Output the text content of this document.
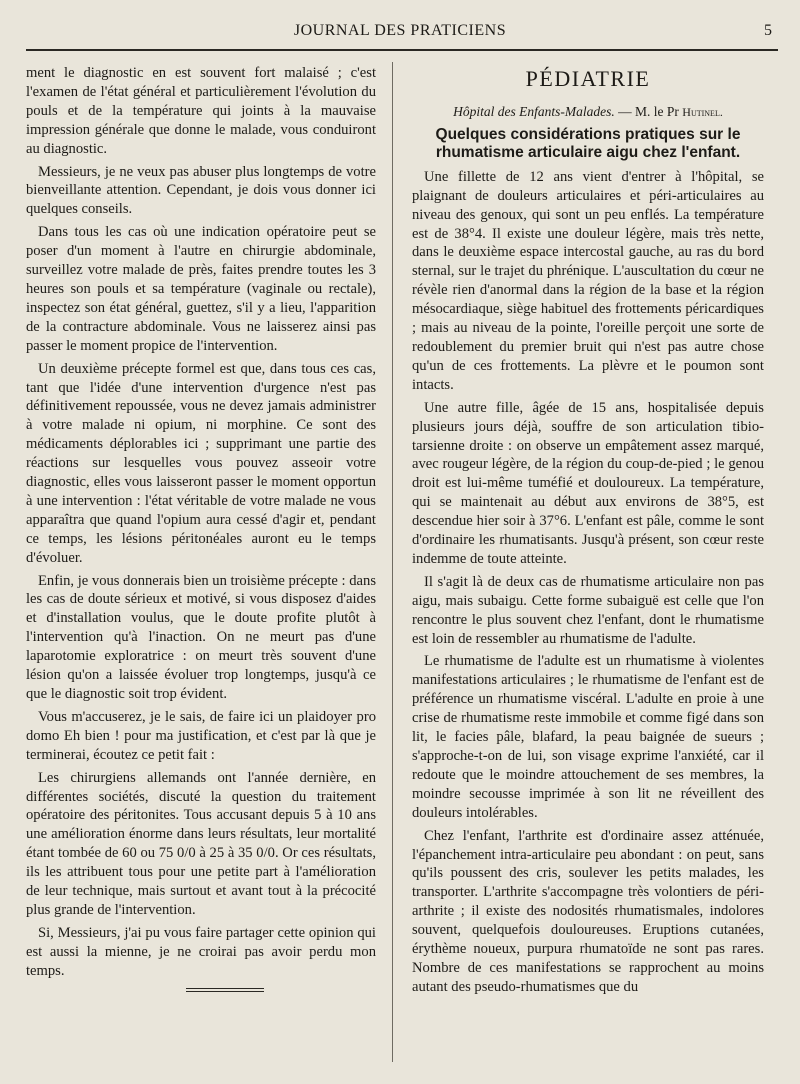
JOURNAL DES PRATICIENS	5

ment le diagnostic en est souvent fort malaisé ; c'est l'examen de l'état général et particulièrement l'évolution du pouls et de la température qui joints à la mauvaise impression générale que donne le malade, vous conduiront au diagnostic.

Messieurs, je ne veux pas abuser plus longtemps de votre bienveillante attention. Cependant, je dois vous donner ici quelques conseils.

Dans tous les cas où une indication opératoire peut se poser d'un moment à l'autre en chirurgie abdominale, surveillez votre malade de près, faites prendre toutes les 3 heures son pouls et sa température (vaginale ou rectale), inspectez son état général, guettez, s'il y a lieu, l'apparition de la contracture abdominale. Vous ne laisserez ainsi pas passer le moment propice de l'intervention.

Un deuxième précepte formel est que, dans tous ces cas, tant que l'idée d'une intervention d'urgence n'est pas définitivement repoussée, vous ne devez jamais administrer à votre malade ni opium, ni morphine. Ce sont des médicaments déplorables ici ; supprimant une partie des réactions sur lesquelles vous pouvez asseoir votre diagnostic, elles vous laisseront passer le moment opportun à une intervention : l'état véritable de votre malade ne vous apparaîtra que quand l'opium aura cessé d'agir et, pendant ce temps, les lésions péritonéales auront eu le temps d'évoluer.

Enfin, je vous donnerais bien un troisième précepte : dans les cas de doute sérieux et motivé, si vous disposez d'aides et d'installation voulus, que le doute profite plutôt à l'intervention qu'à l'inaction. On ne meurt pas d'une laparotomie exploratrice : on meurt très souvent d'une lésion qu'on a laissée évoluer trop longtemps, jusqu'à ce que le diagnostic soit trop évident.

Vous m'accuserez, je le sais, de faire ici un plaidoyer pro domo Eh bien ! pour ma justification, et c'est par là que je terminerai, écoutez ce petit fait :

Les chirurgiens allemands ont l'année dernière, en différentes sociétés, discuté la question du traitement opératoire des péritonites. Tous accusant depuis 5 à 10 ans une amélioration énorme dans leurs résultats, leur mortalité étant tombée de 60 ou 75 0/0 à 25 à 35 0/0. Or ces résultats, ils les attribuent tous pour une petite part à l'amélioration de leur technique, mais surtout et avant tout à la précocité plus grande de l'intervention.

Si, Messieurs, j'ai pu vous faire partager cette opinion qui est aussi la mienne, je ne croirai pas avoir perdu mon temps.

PÉDIATRIE
Hôpital des Enfants-Malades. — M. le Pr Hutinel.
Quelques considérations pratiques sur le rhumatisme articulaire aigu chez l'enfant.

Une fillette de 12 ans vient d'entrer à l'hôpital, se plaignant de douleurs articulaires et péri-articulaires au niveau des genoux, qui sont un peu enflés. La température est de 38°4. Il existe une douleur légère, mais très nette, dans le deuxième espace intercostal gauche, au ras du bord sternal, sur le trajet du phrénique. L'auscultation du cœur ne révèle rien d'anormal dans la région de la base et la région mésocardiaque, siège habituel des frottements péricardiques ; mais au niveau de la pointe, l'oreille perçoit une sorte de redoublement du premier bruit qui n'est pas autre chose qu'un de ces frottements. La plèvre et le poumon sont intacts.

Une autre fille, âgée de 15 ans, hospitalisée depuis plusieurs jours déjà, souffre de son articulation tibio-tarsienne droite : on observe un empâtement assez marqué, avec rougeur légère, de la région du coup-de-pied ; le genou droit est lui-même tuméfié et douloureux. La température, qui se maintenait au début aux environs de 38°5, est descendue hier soir à 37°6. L'enfant est pâle, comme le sont d'ordinaire les rhumatisants. Jusqu'à présent, son cœur reste indemme de toute atteinte.

Il s'agit là de deux cas de rhumatisme articulaire non pas aigu, mais subaigu. Cette forme subaiguë est celle que l'on rencontre le plus souvent chez l'enfant, dont le rhumatisme est loin de ressembler au rhumatisme de l'adulte.

Le rhumatisme de l'adulte est un rhumatisme à violentes manifestations articulaires ; le rhumatisme de l'enfant est de préférence un rhumatisme viscéral. L'adulte en proie à une crise de rhumatisme reste immobile et comme figé dans son lit, le facies pâle, blafard, la peau baignée de sueurs ; s'approche-t-on de lui, son visage exprime l'anxiété, car il redoute que le moindre attouchement de ses membres, la moindre secousse imprimée à son lit ne réveillent des douleurs intolérables.

Chez l'enfant, l'arthrite est d'ordinaire assez atténuée, l'épanchement intra-articulaire peu abondant : on peut, sans qu'ils poussent des cris, soulever les petits malades, les transporter. L'arthrite s'accompagne très volontiers de péri-arthrite ; il existe des nodosités rhumatismales, indolores souvent, quelquefois douloureuses. Eruptions cutanées, érythème noueux, purpura rhumatoïde ne sont pas rares. Nombre de ces manifestations se rapprochent au moins autant des pseudo-rhumatismes que du
